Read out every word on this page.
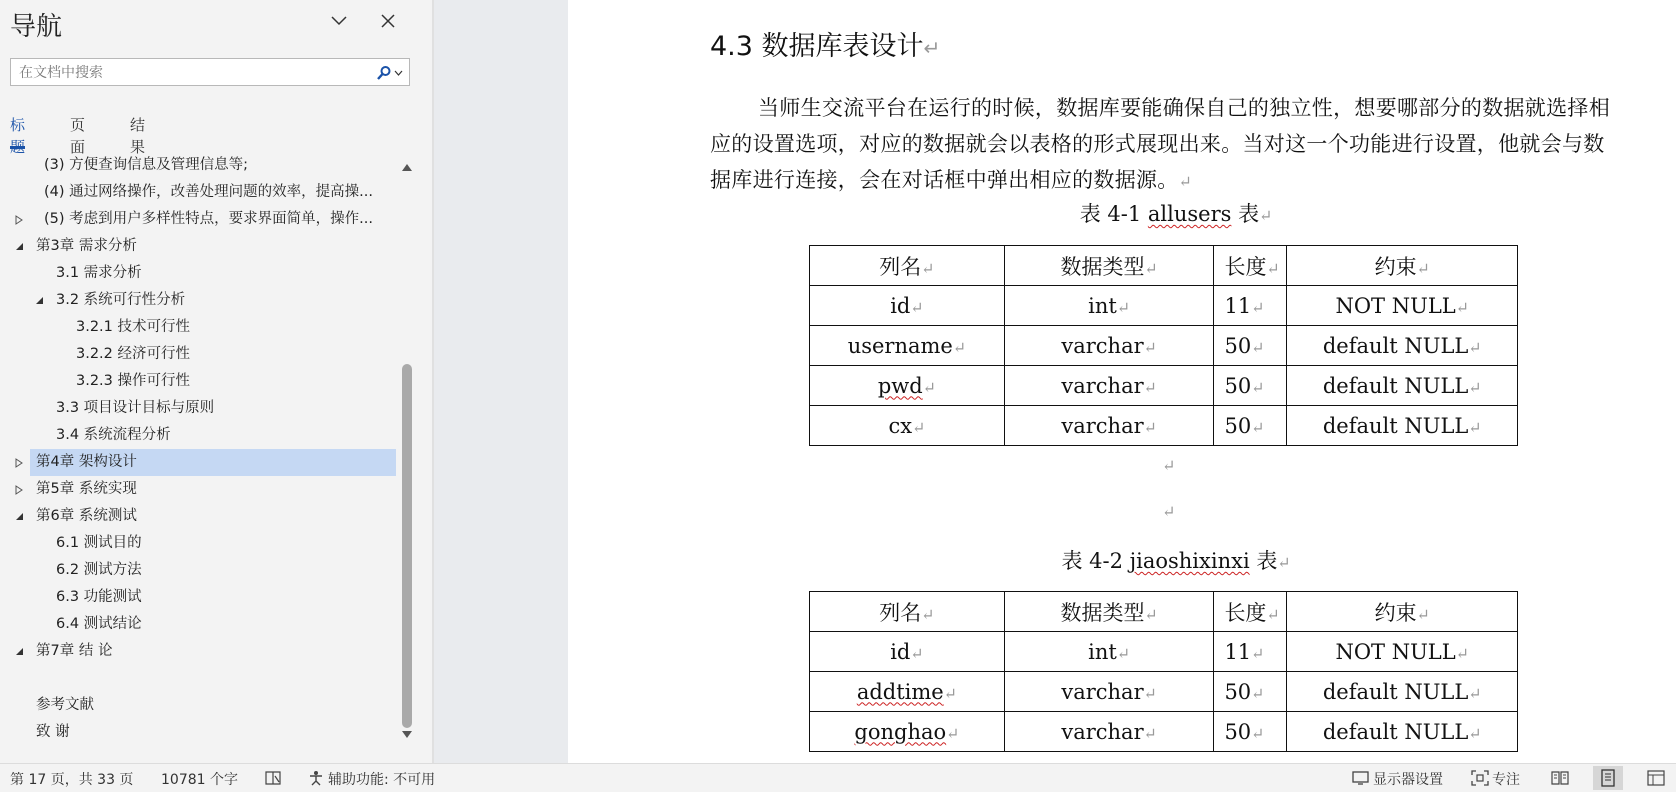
导航
在文档中搜索
标题
页面
结果
(3) 方便查询信息及管理信息等;
(4) 通过网络操作，改善处理问题的效率，提高操...
(5) 考虑到用户多样性特点，要求界面简单，操作...
第3章 需求分析
3.1 需求分析
3.2 系统可行性分析
3.2.1 技术可行性
3.2.2 经济可行性
3.2.3 操作可行性
3.3 项目设计目标与原则
3.4 系统流程分析
第4章 架构设计
第5章 系统实现
第6章 系统测试
6.1 测试目的
6.2 测试方法
6.3 功能测试
6.4 测试结论
第7章 结 论
参考文献
致 谢
4.3 数据库表设计↵
当师生交流平台在运行的时候，数据库要能确保自己的独立性，想要哪部分的数据就选择相应的设置选项，对应的数据就会以表格的形式展现出来。当对这一个功能进行设置，他就会与数据库进行连接，会在对话框中弹出相应的数据源。↵
表 4-1 allusers 表↵
列名↵	数据类型↵	长度↵	约束↵
id↵	int↵	11↵	NOT NULL↵
username↵	varchar↵	50↵	default NULL↵
pwd↵	varchar↵	50↵	default NULL↵
cx↵	varchar↵	50↵	default NULL↵
↵
↵
表 4-2 jiaoshixinxi 表↵
列名↵	数据类型↵	长度↵	约束↵
id↵	int↵	11↵	NOT NULL↵
addtime↵	varchar↵	50↵	default NULL↵
gonghao↵	varchar↵	50↵	default NULL↵
第 17 页，共 33 页 10781 个字	辅助功能: 不可用	显示器设置	专注
